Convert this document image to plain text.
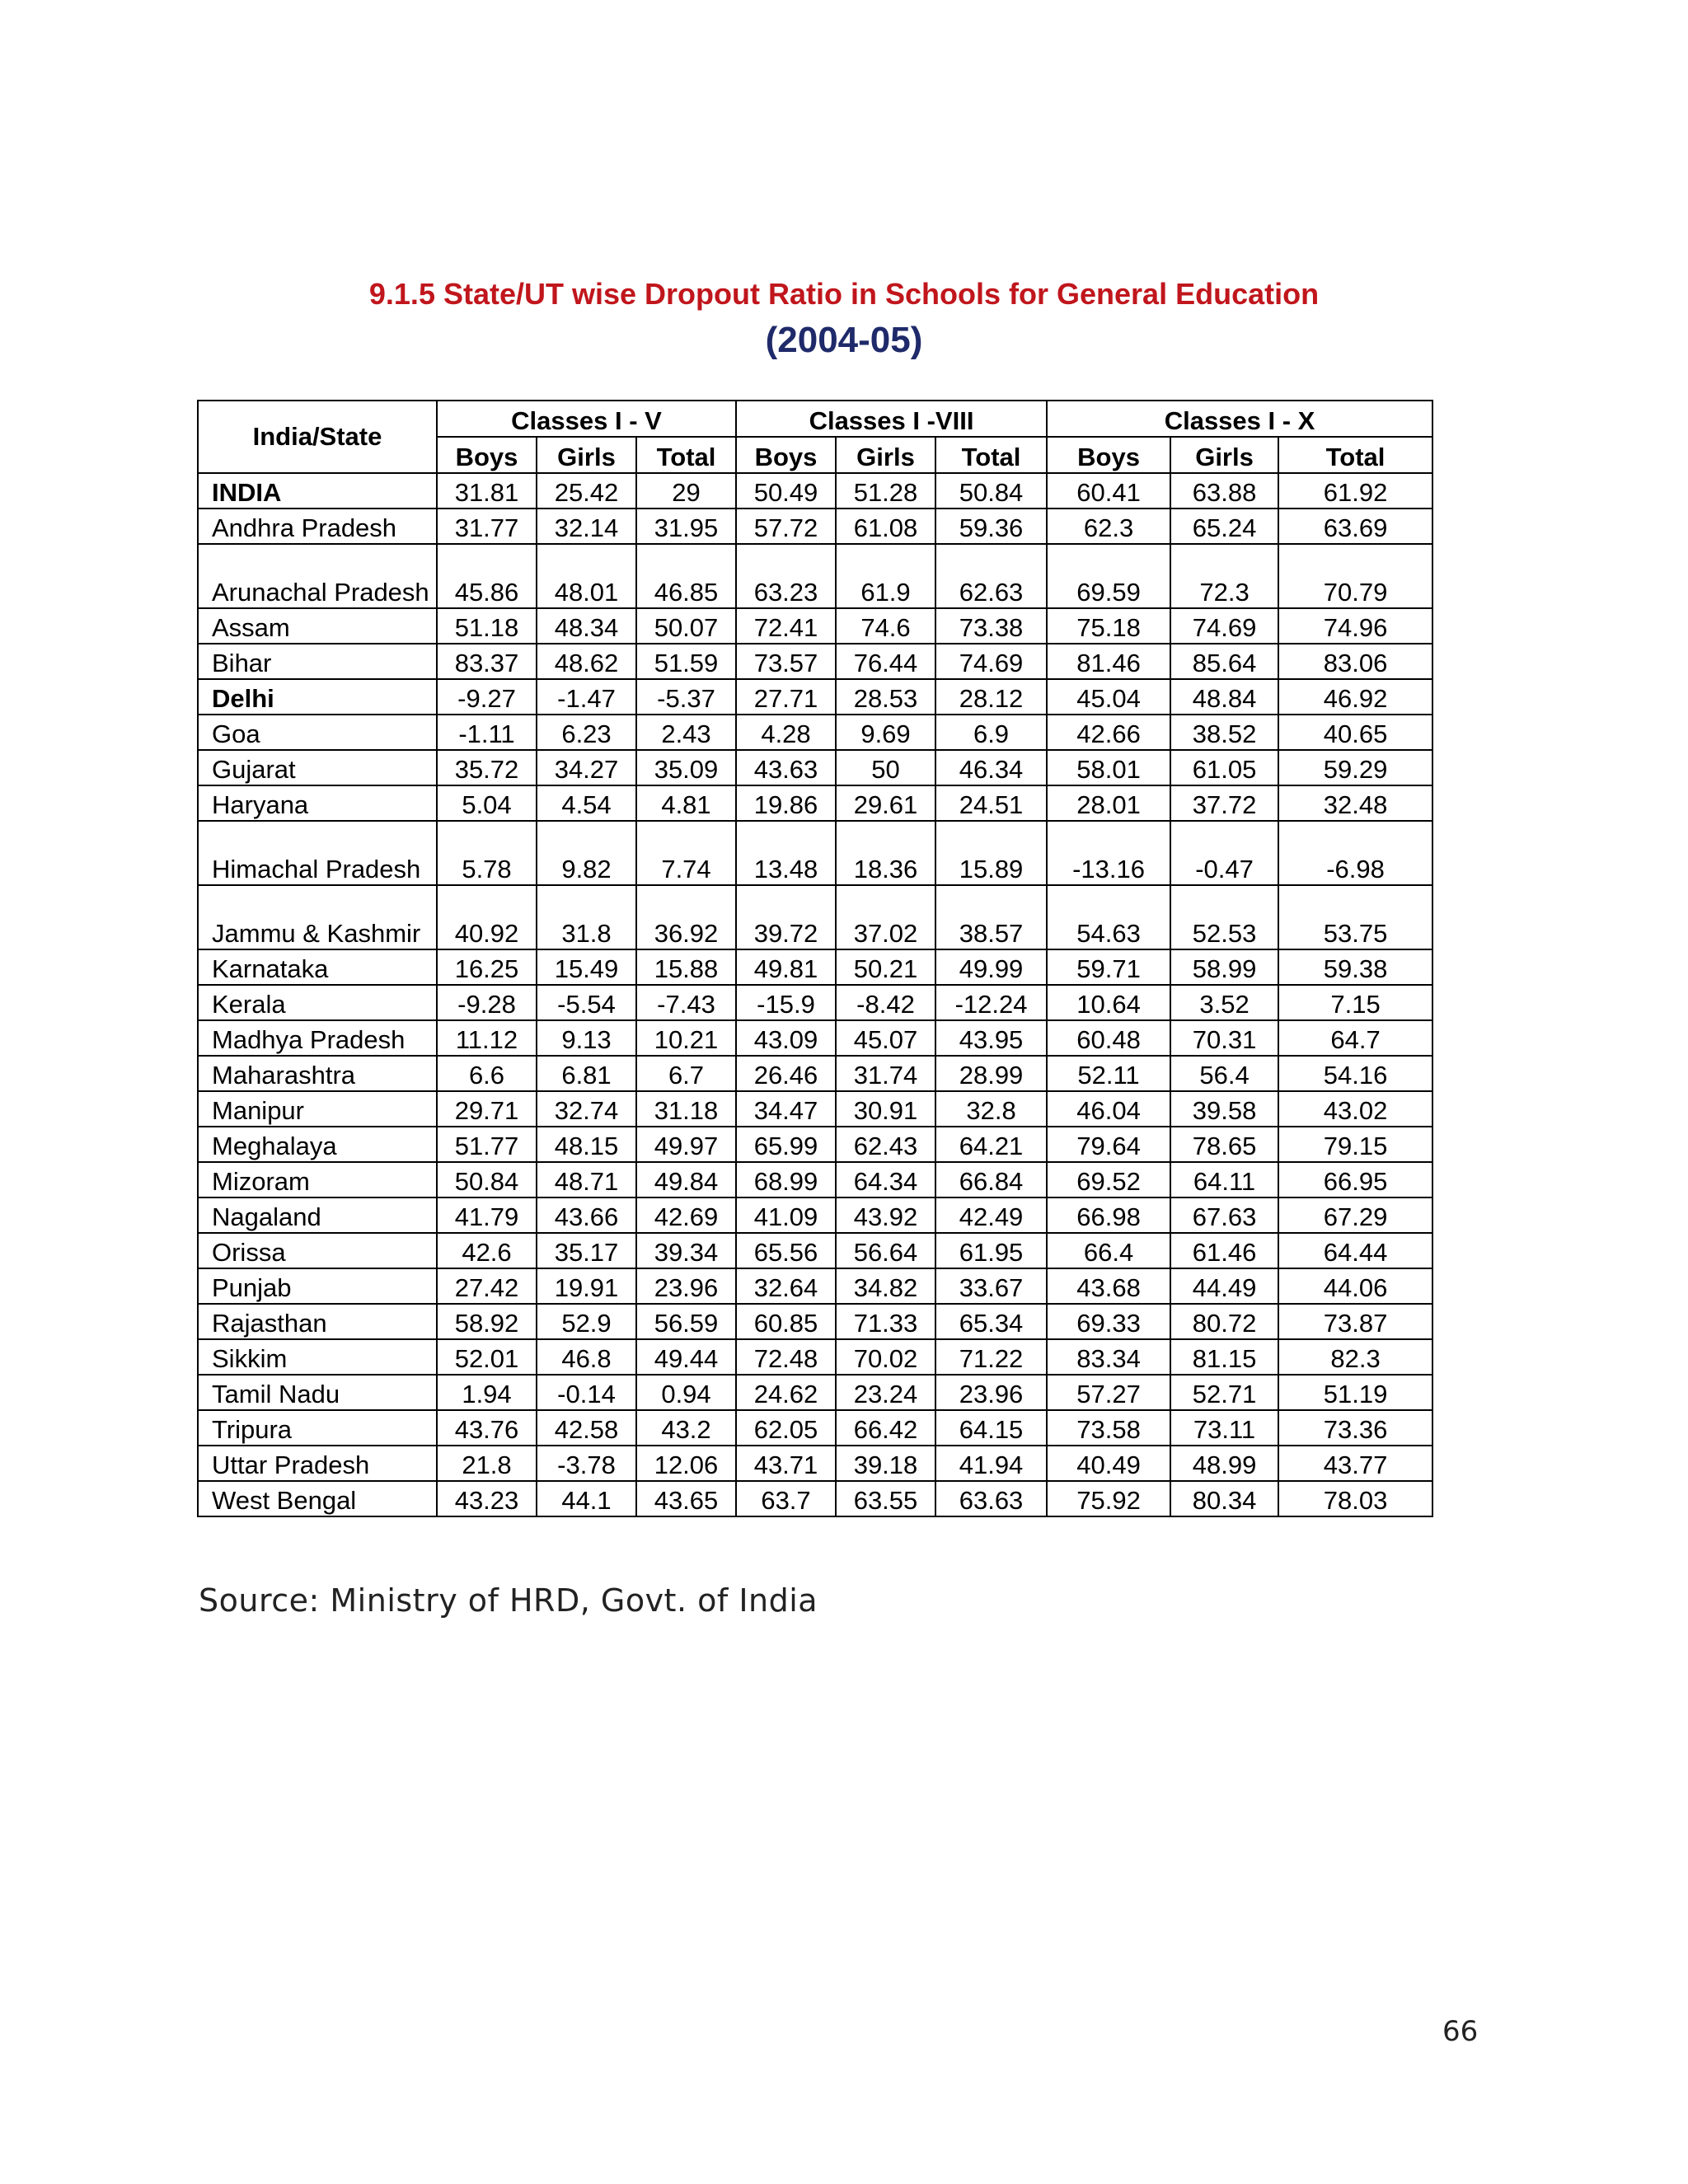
9.1.5 State/UT wise Dropout Ratio in Schools for General Education
(2004-05)
India/State	Classes I - V			Classes I -VIII			Classes I - X		
	Boys	Girls	Total	Boys	Girls	Total	Boys	Girls	Total
INDIA	31.81	25.42	29	50.49	51.28	50.84	60.41	63.88	61.92
Andhra Pradesh	31.77	32.14	31.95	57.72	61.08	59.36	62.3	65.24	63.69
Arunachal Pradesh	45.86	48.01	46.85	63.23	61.9	62.63	69.59	72.3	70.79
Assam	51.18	48.34	50.07	72.41	74.6	73.38	75.18	74.69	74.96
Bihar	83.37	48.62	51.59	73.57	76.44	74.69	81.46	85.64	83.06
Delhi	-9.27	-1.47	-5.37	27.71	28.53	28.12	45.04	48.84	46.92
Goa	-1.11	6.23	2.43	4.28	9.69	6.9	42.66	38.52	40.65
Gujarat	35.72	34.27	35.09	43.63	50	46.34	58.01	61.05	59.29
Haryana	5.04	4.54	4.81	19.86	29.61	24.51	28.01	37.72	32.48
Himachal Pradesh	5.78	9.82	7.74	13.48	18.36	15.89	-13.16	-0.47	-6.98
Jammu & Kashmir	40.92	31.8	36.92	39.72	37.02	38.57	54.63	52.53	53.75
Karnataka	16.25	15.49	15.88	49.81	50.21	49.99	59.71	58.99	59.38
Kerala	-9.28	-5.54	-7.43	-15.9	-8.42	-12.24	10.64	3.52	7.15
Madhya Pradesh	11.12	9.13	10.21	43.09	45.07	43.95	60.48	70.31	64.7
Maharashtra	6.6	6.81	6.7	26.46	31.74	28.99	52.11	56.4	54.16
Manipur	29.71	32.74	31.18	34.47	30.91	32.8	46.04	39.58	43.02
Meghalaya	51.77	48.15	49.97	65.99	62.43	64.21	79.64	78.65	79.15
Mizoram	50.84	48.71	49.84	68.99	64.34	66.84	69.52	64.11	66.95
Nagaland	41.79	43.66	42.69	41.09	43.92	42.49	66.98	67.63	67.29
Orissa	42.6	35.17	39.34	65.56	56.64	61.95	66.4	61.46	64.44
Punjab	27.42	19.91	23.96	32.64	34.82	33.67	43.68	44.49	44.06
Rajasthan	58.92	52.9	56.59	60.85	71.33	65.34	69.33	80.72	73.87
Sikkim	52.01	46.8	49.44	72.48	70.02	71.22	83.34	81.15	82.3
Tamil Nadu	1.94	-0.14	0.94	24.62	23.24	23.96	57.27	52.71	51.19
Tripura	43.76	42.58	43.2	62.05	66.42	64.15	73.58	73.11	73.36
Uttar Pradesh	21.8	-3.78	12.06	43.71	39.18	41.94	40.49	48.99	43.77
West Bengal	43.23	44.1	43.65	63.7	63.55	63.63	75.92	80.34	78.03
Source: Ministry of HRD, Govt. of India
66
